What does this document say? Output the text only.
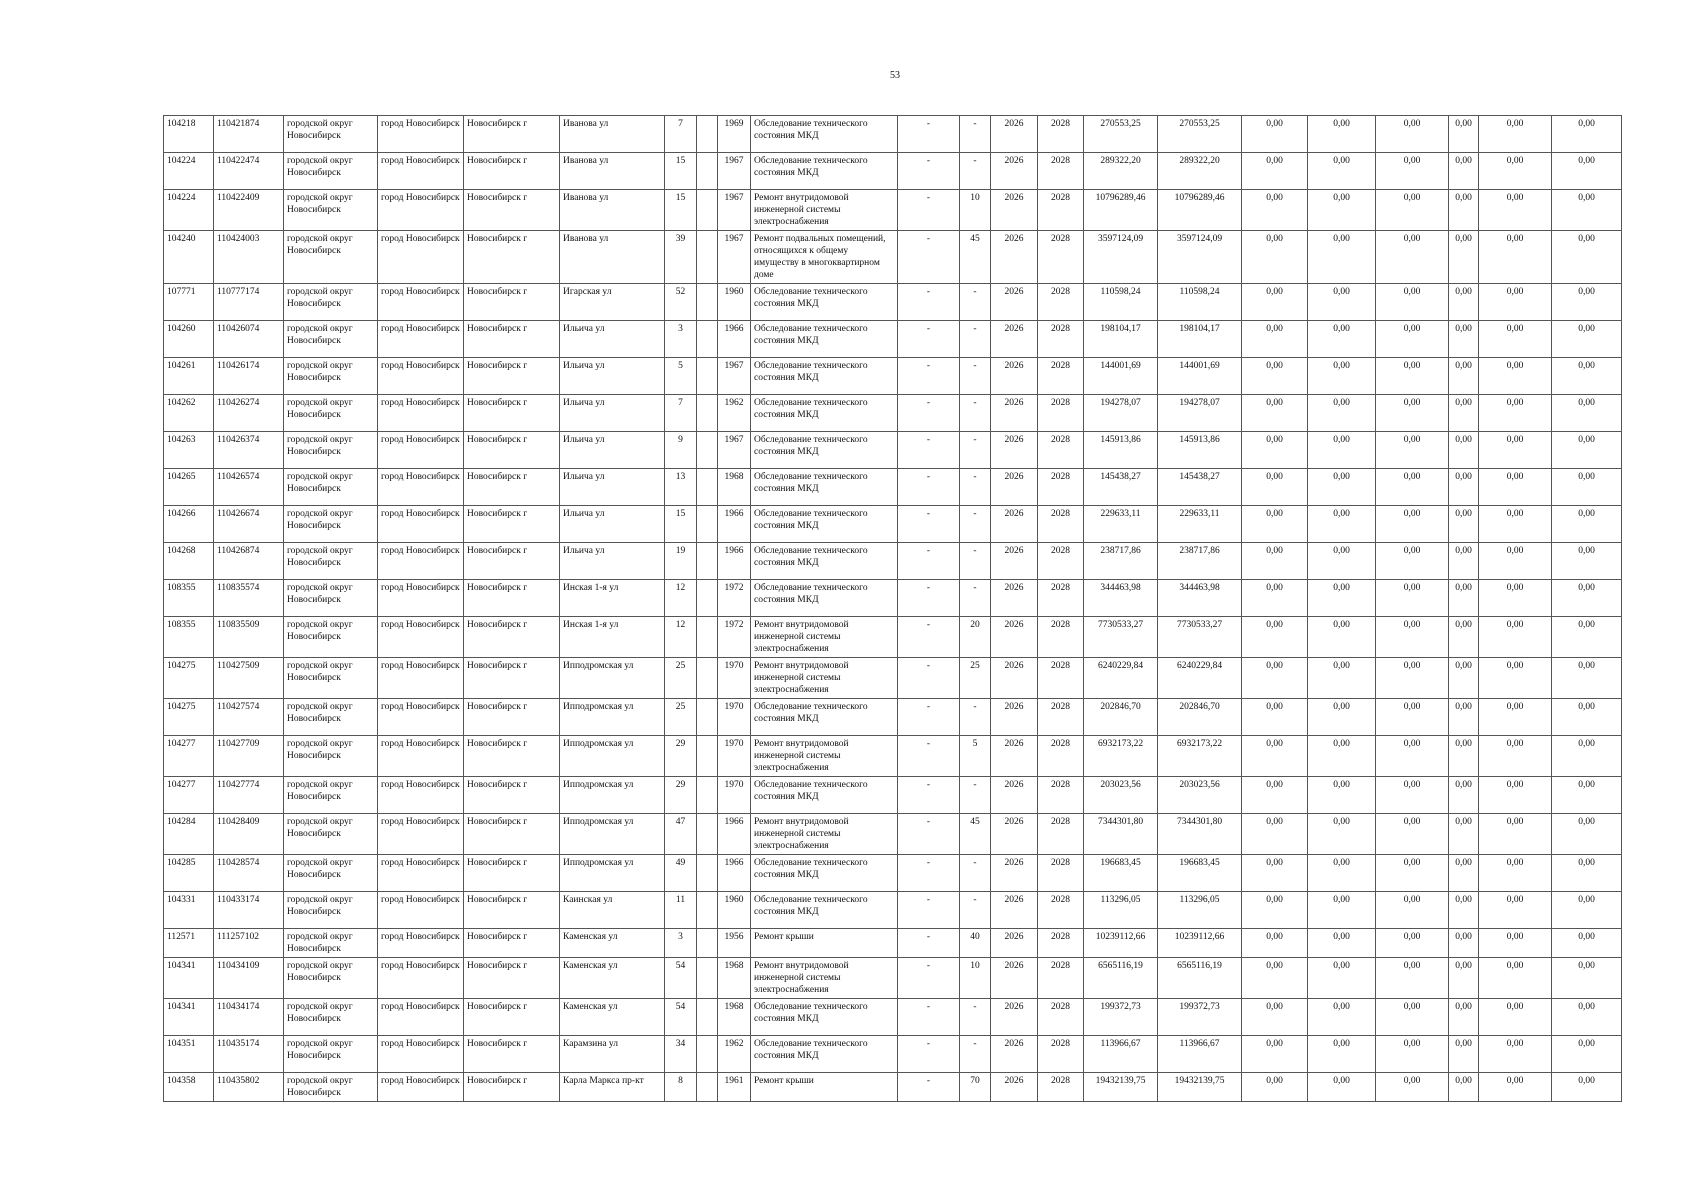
53
104218	110421874	городской округ Новосибирск	город Новосибирск	Новосибирск г	Иванова ул	7		1969	Обследование технического состояния МКД	-	-	2026	2028	270553,25	270553,25	0,00	0,00	0,00	0,00	0,00	0,00
104224	110422474	городской округ Новосибирск	город Новосибирск	Новосибирск г	Иванова ул	15		1967	Обследование технического состояния МКД	-	-	2026	2028	289322,20	289322,20	0,00	0,00	0,00	0,00	0,00	0,00
104224	110422409	городской округ Новосибирск	город Новосибирск	Новосибирск г	Иванова ул	15		1967	Ремонт внутридомовой инженерной системы электроснабжения	-	10	2026	2028	10796289,46	10796289,46	0,00	0,00	0,00	0,00	0,00	0,00
104240	110424003	городской округ Новосибирск	город Новосибирск	Новосибирск г	Иванова ул	39		1967	Ремонт подвальных помещений, относящихся к общему имуществу в многоквартирном доме	-	45	2026	2028	3597124,09	3597124,09	0,00	0,00	0,00	0,00	0,00	0,00
107771	110777174	городской округ Новосибирск	город Новосибирск	Новосибирск г	Игарская ул	52		1960	Обследование технического состояния МКД	-	-	2026	2028	110598,24	110598,24	0,00	0,00	0,00	0,00	0,00	0,00
104260	110426074	городской округ Новосибирск	город Новосибирск	Новосибирск г	Ильича ул	3		1966	Обследование технического состояния МКД	-	-	2026	2028	198104,17	198104,17	0,00	0,00	0,00	0,00	0,00	0,00
104261	110426174	городской округ Новосибирск	город Новосибирск	Новосибирск г	Ильича ул	5		1967	Обследование технического состояния МКД	-	-	2026	2028	144001,69	144001,69	0,00	0,00	0,00	0,00	0,00	0,00
104262	110426274	городской округ Новосибирск	город Новосибирск	Новосибирск г	Ильича ул	7		1962	Обследование технического состояния МКД	-	-	2026	2028	194278,07	194278,07	0,00	0,00	0,00	0,00	0,00	0,00
104263	110426374	городской округ Новосибирск	город Новосибирск	Новосибирск г	Ильича ул	9		1967	Обследование технического состояния МКД	-	-	2026	2028	145913,86	145913,86	0,00	0,00	0,00	0,00	0,00	0,00
104265	110426574	городской округ Новосибирск	город Новосибирск	Новосибирск г	Ильича ул	13		1968	Обследование технического состояния МКД	-	-	2026	2028	145438,27	145438,27	0,00	0,00	0,00	0,00	0,00	0,00
104266	110426674	городской округ Новосибирск	город Новосибирск	Новосибирск г	Ильича ул	15		1966	Обследование технического состояния МКД	-	-	2026	2028	229633,11	229633,11	0,00	0,00	0,00	0,00	0,00	0,00
104268	110426874	городской округ Новосибирск	город Новосибирск	Новосибирск г	Ильича ул	19		1966	Обследование технического состояния МКД	-	-	2026	2028	238717,86	238717,86	0,00	0,00	0,00	0,00	0,00	0,00
108355	110835574	городской округ Новосибирск	город Новосибирск	Новосибирск г	Инская 1-я ул	12		1972	Обследование технического состояния МКД	-	-	2026	2028	344463,98	344463,98	0,00	0,00	0,00	0,00	0,00	0,00
108355	110835509	городской округ Новосибирск	город Новосибирск	Новосибирск г	Инская 1-я ул	12		1972	Ремонт внутридомовой инженерной системы электроснабжения	-	20	2026	2028	7730533,27	7730533,27	0,00	0,00	0,00	0,00	0,00	0,00
104275	110427509	городской округ Новосибирск	город Новосибирск	Новосибирск г	Ипподромская ул	25		1970	Ремонт внутридомовой инженерной системы электроснабжения	-	25	2026	2028	6240229,84	6240229,84	0,00	0,00	0,00	0,00	0,00	0,00
104275	110427574	городской округ Новосибирск	город Новосибирск	Новосибирск г	Ипподромская ул	25		1970	Обследование технического состояния МКД	-	-	2026	2028	202846,70	202846,70	0,00	0,00	0,00	0,00	0,00	0,00
104277	110427709	городской округ Новосибирск	город Новосибирск	Новосибирск г	Ипподромская ул	29		1970	Ремонт внутридомовой инженерной системы электроснабжения	-	5	2026	2028	6932173,22	6932173,22	0,00	0,00	0,00	0,00	0,00	0,00
104277	110427774	городской округ Новосибирск	город Новосибирск	Новосибирск г	Ипподромская ул	29		1970	Обследование технического состояния МКД	-	-	2026	2028	203023,56	203023,56	0,00	0,00	0,00	0,00	0,00	0,00
104284	110428409	городской округ Новосибирск	город Новосибирск	Новосибирск г	Ипподромская ул	47		1966	Ремонт внутридомовой инженерной системы электроснабжения	-	45	2026	2028	7344301,80	7344301,80	0,00	0,00	0,00	0,00	0,00	0,00
104285	110428574	городской округ Новосибирск	город Новосибирск	Новосибирск г	Ипподромская ул	49		1966	Обследование технического состояния МКД	-	-	2026	2028	196683,45	196683,45	0,00	0,00	0,00	0,00	0,00	0,00
104331	110433174	городской округ Новосибирск	город Новосибирск	Новосибирск г	Каинская ул	11		1960	Обследование технического состояния МКД	-	-	2026	2028	113296,05	113296,05	0,00	0,00	0,00	0,00	0,00	0,00
112571	111257102	городской округ Новосибирск	город Новосибирск	Новосибирск г	Каменская ул	3		1956	Ремонт крыши	-	40	2026	2028	10239112,66	10239112,66	0,00	0,00	0,00	0,00	0,00	0,00
104341	110434109	городской округ Новосибирск	город Новосибирск	Новосибирск г	Каменская ул	54		1968	Ремонт внутридомовой инженерной системы электроснабжения	-	10	2026	2028	6565116,19	6565116,19	0,00	0,00	0,00	0,00	0,00	0,00
104341	110434174	городской округ Новосибирск	город Новосибирск	Новосибирск г	Каменская ул	54		1968	Обследование технического состояния МКД	-	-	2026	2028	199372,73	199372,73	0,00	0,00	0,00	0,00	0,00	0,00
104351	110435174	городской округ Новосибирск	город Новосибирск	Новосибирск г	Карамзина ул	34		1962	Обследование технического состояния МКД	-	-	2026	2028	113966,67	113966,67	0,00	0,00	0,00	0,00	0,00	0,00
104358	110435802	городской округ Новосибирск	город Новосибирск	Новосибирск г	Карла Маркса пр-кт	8		1961	Ремонт крыши	-	70	2026	2028	19432139,75	19432139,75	0,00	0,00	0,00	0,00	0,00	0,00
